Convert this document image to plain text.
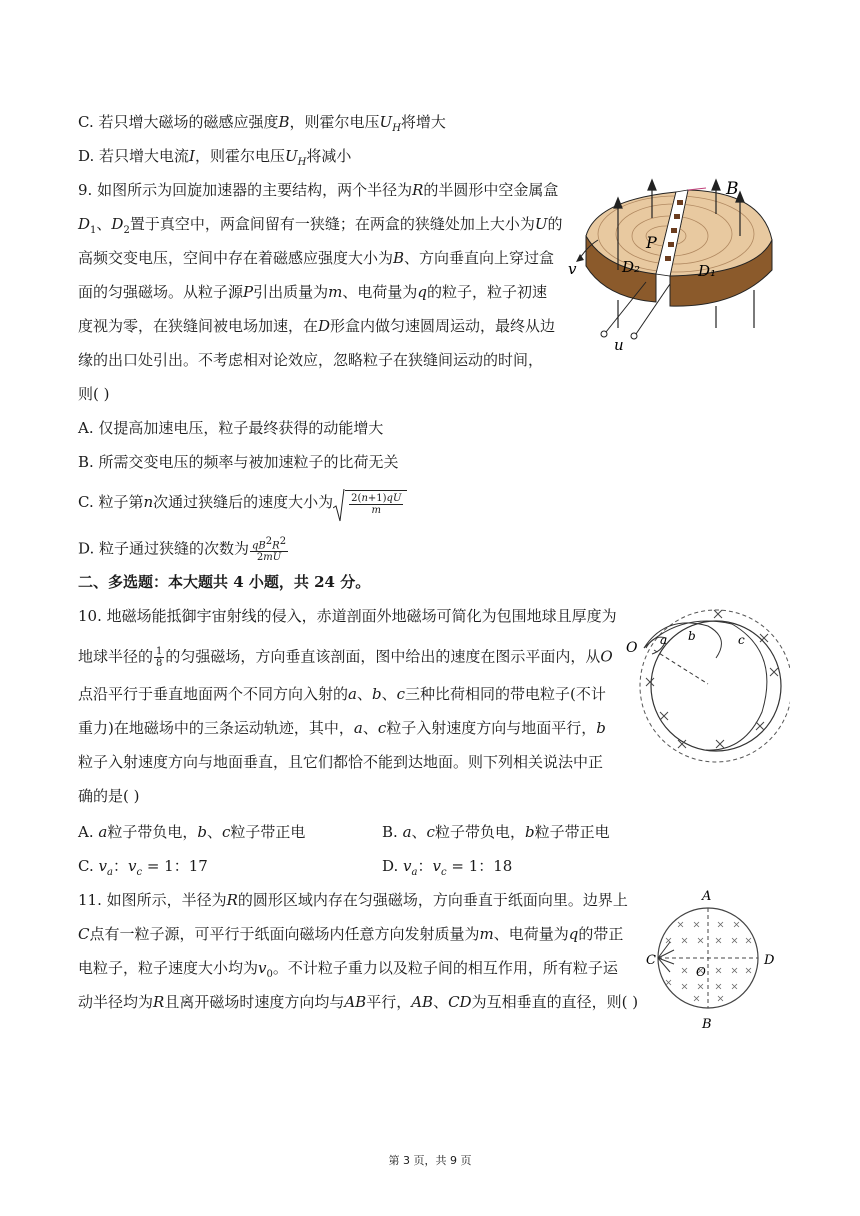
C. 若只增大磁场的磁感应强度B，则霍尔电压$U_H$将增大
D. 若只增大电流I，则霍尔电压$U_H$将减小
9. 如图所示为回旋加速器的主要结构，两个半径为R的半圆形中空金属盒
$D_1$、$D_2$置于真空中，两盒间留有一狭缝；在两盒的狭缝处加上大小为U的
高频交变电压，空间中存在着磁感应强度大小为B、方向垂直向上穿过盒
面的匀强磁场。从粒子源P引出质量为m、电荷量为q的粒子，粒子初速
度视为零，在狭缝间被电场加速，在D形盒内做匀速圆周运动，最终从边
缘的出口处引出。不考虑相对论效应，忽略粒子在狭缝间运动的时间，
则( )
A. 仅提高加速电压，粒子最终获得的动能增大
B. 所需交变电压的频率与被加速粒子的比荷无关
C. 粒子第n次通过狭缝后的速度大小为 $\frac{2(n+1)qU}{m}$
D. 粒子通过狭缝的次数为 $\frac{qB^2R^2}{2mU}$
B
v
P
D₂	D₁
u
二、多选题：本大题共 4 小题，共 24 分。
10. 地磁场能抵御宇宙射线的侵入，赤道剖面外地磁场可简化为包围地球且厚度为
地球半径的 $\frac{1}{8}$ 的匀强磁场，方向垂直该剖面，图中给出的速度在图示平面内，从O
点沿平行于垂直地面两个不同方向入射的a、b、c三种比荷相同的带电粒子(不计
重力)在地磁场中的三条运动轨迹，其中，a、c粒子入射速度方向与地面平行，b
粒子入射速度方向与地面垂直，且它们都恰不能到达地面。则下列相关说法中正
确的是( )
A. a粒子带负电，b、c粒子带正电	B. a、c粒子带负电，b粒子带正电
C. $v_a$：$v_c = 1$：17	D. $v_a$：$v_c = 1$：18
O a b	c
11. 如图所示，半径为R的圆形区域内存在匀强磁场，方向垂直于纸面向里。边界上
C点有一粒子源，可平行于纸面向磁场内任意方向发射质量为m、电荷量为q的带正
电粒子，粒子速度大小均为$v_0$。不计粒子重力以及粒子间的相互作用，所有粒子运
动半径均为R且离开磁场时速度方向均与AB平行，AB、CD为互相垂直的直径，则( )
A
B
C	D
O
第 3 页，共 9 页
